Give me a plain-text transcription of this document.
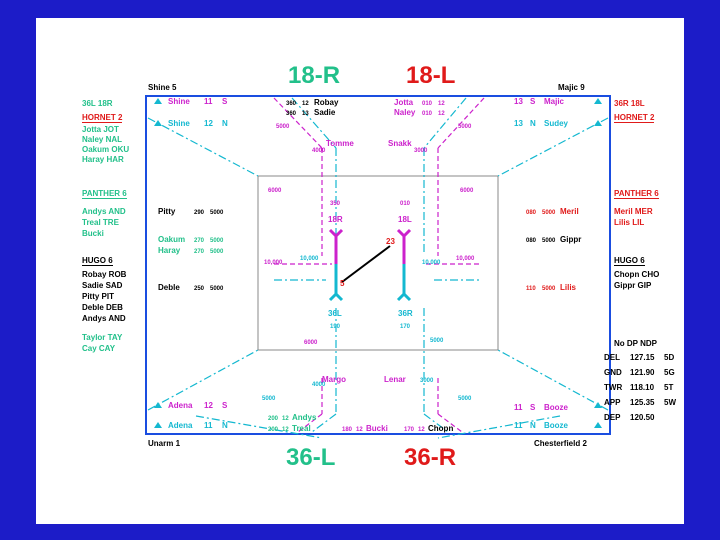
18-R	18-L
36-L	36-R
Shine 5	Majic 9
Unarm 1	Chesterfield 2
36L 18R
HORNET 2
Jotta JOT
Naley NAL
Oakum OKU
Haray HAR
PANTHER 6
Andys AND
Treal TRE
Bucki
HUGO 6
Robay ROB
Sadie SAD
Pitty PIT
Deble DEB
Andys AND
Taylor TAY
Cay CAY
36R 18L
HORNET 2
PANTHER 6
Meril MER
Lilis LIL
HUGO 6
Chopn CHO
Gippr GIP
No DP NDP
DEL 127.15 5D
GND 121.90 5G
TWR 118.10 5T
APP 125.35 5W
DEP 120.50
Shine 11 S
Shine 12 N
13 S Majic
13 N Sudey
360 12 Robay
360 13 Sadie
Jotta 010 12
Naley 010 12
Tomme	Snakk
Pitty	290 5000
Oakum 270 5000
Haray 270 5000
Deble 250 5000
080 5000 Meril
080 5000 Gippr
110 5000 Lilis
5000	5000
4000	3000
6000	6000
10,000
10,000
10,000
10,000
6000	5000
4000
3000
5000
5000
350	010
18R	18L
23
5
36L	36R
190	170
Lenar
Margo
Adena 12 S
Adena 11 N
11 S Booze
11 N Booze
200 12 Andys
200 12 Treal	180 12 Bucki	170 12 Chopn
